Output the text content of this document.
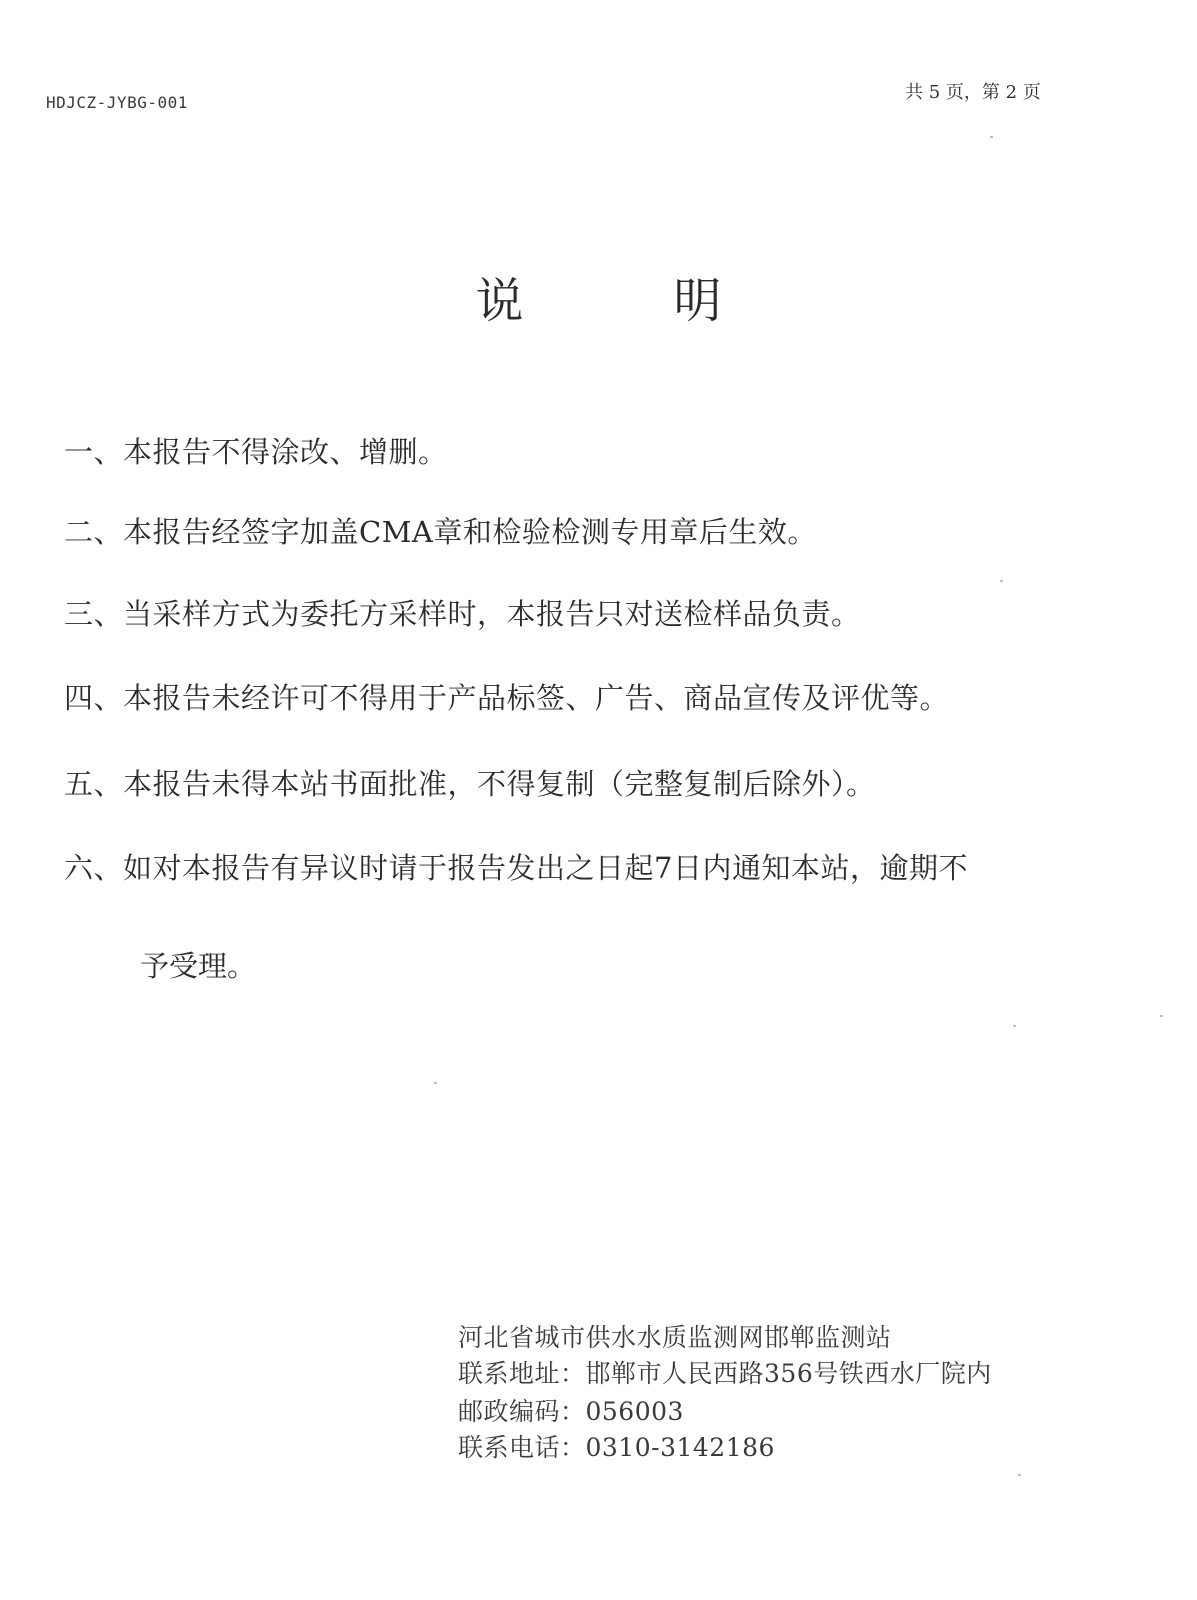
HDJCZ-JYBG-001	共 5 页，第 2 页
说明
一、本报告不得涂改、增删。
二、本报告经签字加盖CMA章和检验检测专用章后生效。
三、当采样方式为委托方采样时，本报告只对送检样品负责。
四、本报告未经许可不得用于产品标签、广告、商品宣传及评优等。
五、本报告未得本站书面批准，不得复制（完整复制后除外）。
六、如对本报告有异议时请于报告发出之日起7日内通知本站，逾期不
予受理。
河北省城市供水水质监测网邯郸监测站
联系地址：邯郸市人民西路356号铁西水厂院内
邮政编码：056003
联系电话：0310-3142186
